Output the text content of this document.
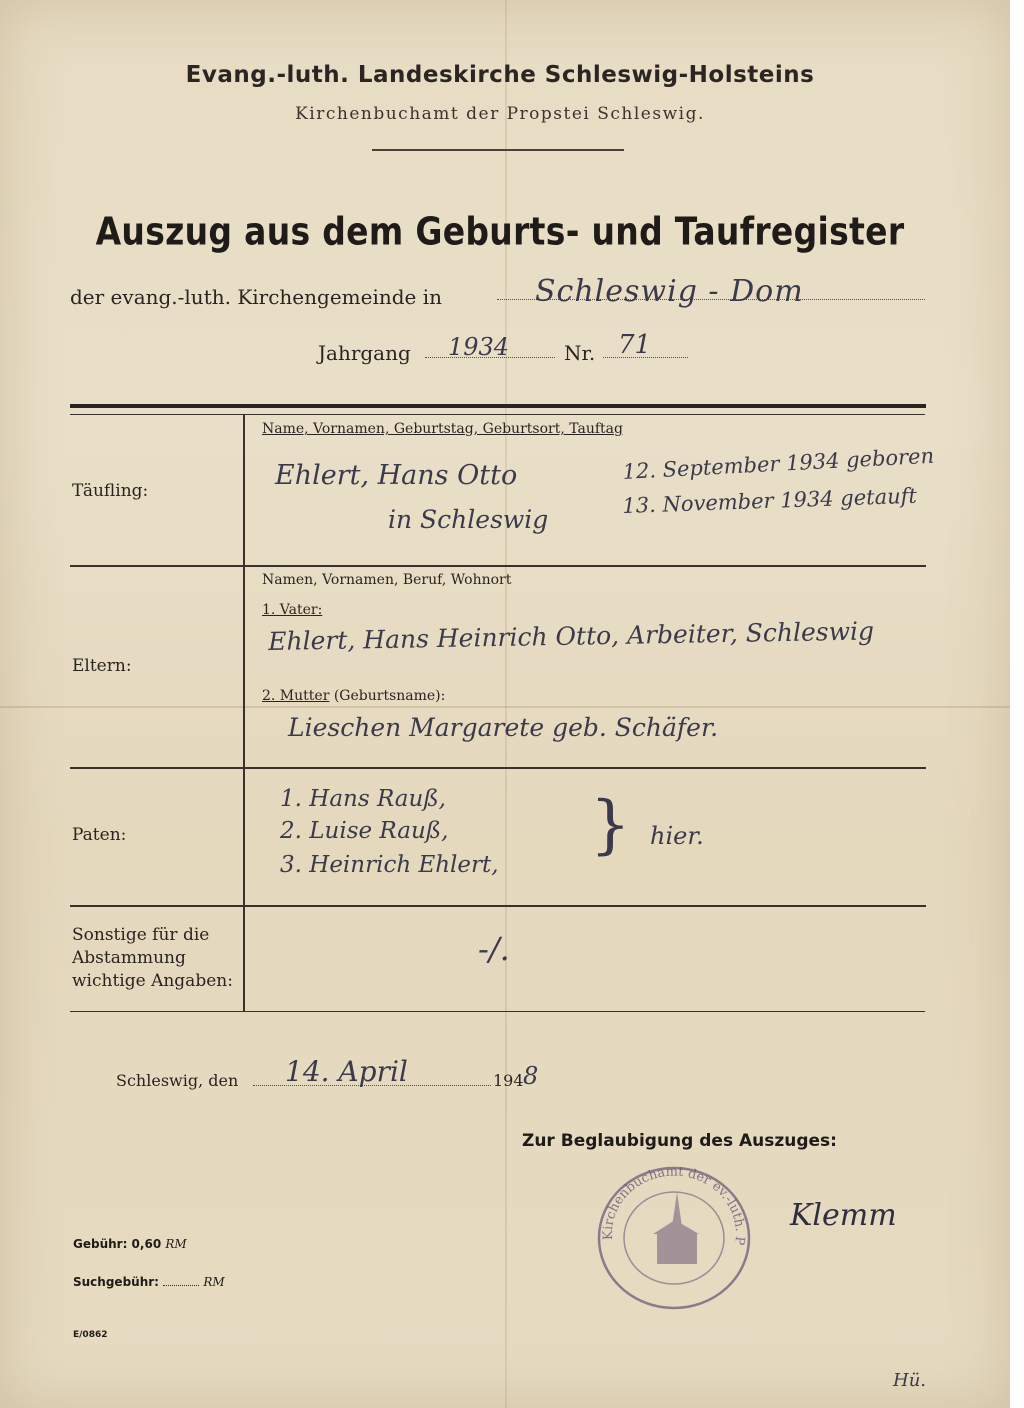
Evang.-luth. Landeskirche Schleswig-Holsteins
Kirchenbuchamt der Propstei Schleswig.
Auszug aus dem Geburts- und Taufregister
der evang.-luth. Kirchengemeinde in	Schleswig - Dom
Jahrgang 1934	Nr. 71
Täufling:
Name, Vornamen, Geburtstag, Geburtsort, Tauftag
Ehlert, Hans Otto
in Schleswig
12. September 1934 geboren
13. November 1934 getauft
Eltern:
Namen, Vornamen, Beruf, Wohnort
1. Vater:
Ehlert, Hans Heinrich Otto, Arbeiter, Schleswig
2. Mutter (Geburtsname):
Lieschen Margarete geb. Schäfer.
Paten:
1. Hans Rauß,
2. Luise Rauß,
3. Heinrich Ehlert,
} hier.
Sonstige für die
Abstammung
wichtige Angaben:
-/.
Schleswig, den 14. April	194 8
Zur Beglaubigung des Auszuges:
Kirchenbuchamt der ev.-luth. P
Klemm
Gebühr: 0,60 RM
Suchgebühr:	RM
E/0862
Hü.
